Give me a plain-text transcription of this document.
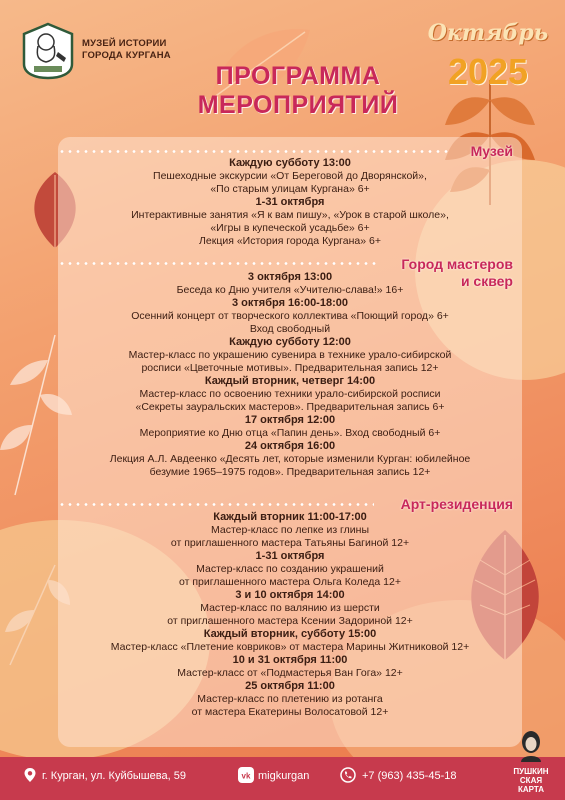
МУЗЕЙ ИСТОРИИ
ГОРОДА КУРГАНА
ПРОГРАММА
МЕРОПРИЯТИЙ
Октябрь
2025
Музей
Каждую субботу 13:00
Пешеходные экскурсии «От Береговой до Дворянской»,
«По старым улицам Кургана» 6+
1-31 октября
Интерактивные занятия «Я к вам пишу», «Урок в старой школе»,
«Игры в купеческой усадьбе» 6+
Лекция «История города Кургана» 6+
Город мастеров
и сквер
3 октября 13:00
Беседа ко Дню учителя «Учителю-слава!» 16+
3 октября 16:00-18:00
Осенний концерт от творческого коллектива «Поющий город» 6+
Вход свободный
Каждую субботу 12:00
Мастер-класс по украшению сувенира в технике урало-сибирской
росписи «Цветочные мотивы». Предварительная запись 12+
Каждый вторник, четверг 14:00
Мастер-класс по освоению техники урало-сибирской росписи
«Секреты зауральских мастеров». Предварительная запись 6+
17 октября 12:00
Мероприятие ко Дню отца «Папин день». Вход свободный 6+
24 октября 16:00
Лекция А.Л. Авдеенко «Десять лет, которые изменили Курган: юбилейное
безумие 1965–1975 годов». Предварительная запись 12+
Арт-резиденция
Каждый вторник 11:00-17:00
Мастер-класс по лепке из глины
от приглашенного мастера Татьяны Багиной 12+
1-31 октября
Мастер-класс по созданию украшений
от приглашенного мастера Ольга Коледа 12+
3 и 10 октября 14:00
Мастер-класс по валянию из шерсти
от приглашенного мастера Ксении Задориной 12+
Каждый вторник, субботу 15:00
Мастер-класс «Плетение ковриков» от мастера Марины Житниковой 12+
10 и 31 октября 11:00
Мастер-класс от «Подмастерья Ван Гога» 12+
25 октября 11:00
Мастер-класс по плетению из ротанга
от мастера Екатерины Волосатовой 12+
г. Курган, ул. Куйбышева, 59	vk migkurgan	+7 (963) 435-45-18	ПУШКИН
СКАЯ
КАРТА
